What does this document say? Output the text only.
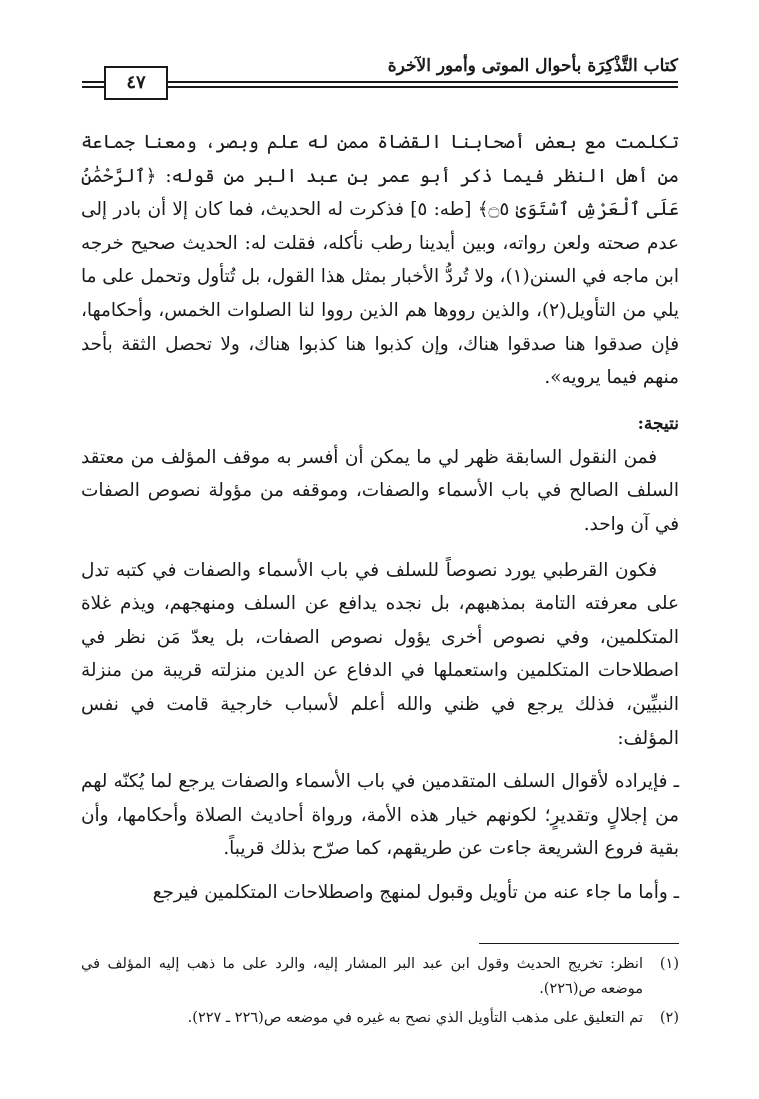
كتاب التَّذْكِرَة بأحوال الموتى وأمور الآخرة
٤٧

تكلمت مع بعض أصحابنا القضاة ممن له علم وبصر، ومعنا جماعة من أهل النظر فيما ذكر أبو عمر بن عبد البر من قوله: ﴿ٱلرَّحْمَٰنُ عَلَى ٱلْعَرْشِ ٱسْتَوَىٰ ۝٥﴾ [طه: ٥] فذكرت له الحديث، فما كان إلا أن بادر إلى عدم صحته ولعن رواته، وبين أيدينا رطب نأكله، فقلت له: الحديث صحيح خرجه ابن ماجه في السنن(١)، ولا تُردُّ الأخبار بمثل هذا القول، بل تُتأول وتحمل على ما يلي من التأويل(٢)، والذين رووها هم الذين رووا لنا الصلوات الخمس، وأحكامها، فإن صدقوا هنا صدقوا هناك، وإن كذبوا هنا كذبوا هناك، ولا تحصل الثقة بأحد منهم فيما يرويه».

نتيجة:

فمن النقول السابقة ظهر لي ما يمكن أن أفسر به موقف المؤلف من معتقد السلف الصالح في باب الأسماء والصفات، وموقفه من مؤولة نصوص الصفات في آن واحد.

فكون القرطبي يورد نصوصاً للسلف في باب الأسماء والصفات في كتبه تدل على معرفته التامة بمذهبهم، بل نجده يدافع عن السلف ومنهجهم، ويذم غلاة المتكلمين، وفي نصوص أخرى يؤول نصوص الصفات، بل يعدّ مَن نظر في اصطلاحات المتكلمين واستعملها في الدفاع عن الدين منزلته قريبة من منزلة النبيِّين، فذلك يرجع في ظني والله أعلم لأسباب خارجية قامت في نفس المؤلف:

ـ فإيراده لأقوال السلف المتقدمين في باب الأسماء والصفات يرجع لما يُكنّه لهم من إجلالٍ وتقديرٍ؛ لكونهم خيار هذه الأمة، ورواة أحاديث الصلاة وأحكامها، وأن بقية فروع الشريعة جاءت عن طريقهم، كما صرّح بذلك قريباً.

ـ وأما ما جاء عنه من تأويل وقبول لمنهج واصطلاحات المتكلمين فيرجع

(١)
انظر: تخريج الحديث وقول ابن عبد البر المشار إليه، والرد على ما ذهب إليه المؤلف في موضعه ص(٢٢٦).

(٢)
تم التعليق على مذهب التأويل الذي نصح به غيره في موضعه ص(٢٢٦ ـ ٢٢٧).
